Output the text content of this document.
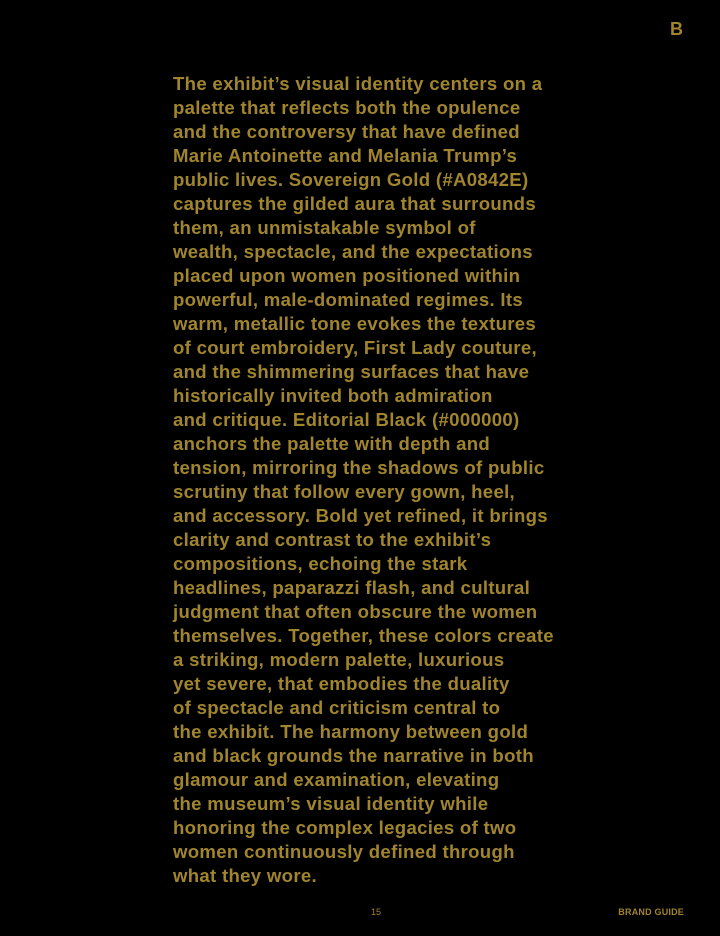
B

The exhibit’s visual identity centers on a
palette that reflects both the opulence
and the controversy that have defined
Marie Antoinette and Melania Trump’s
public lives. Sovereign Gold (#A0842E)
captures the gilded aura that surrounds
them, an unmistakable symbol of
wealth, spectacle, and the expectations
placed upon women positioned within
powerful, male-dominated regimes. Its
warm, metallic tone evokes the textures
of court embroidery, First Lady couture,
and the shimmering surfaces that have
historically invited both admiration
and critique. Editorial Black (#000000)
anchors the palette with depth and
tension, mirroring the shadows of public
scrutiny that follow every gown, heel,
and accessory. Bold yet refined, it brings
clarity and contrast to the exhibit’s
compositions, echoing the stark
headlines, paparazzi flash, and cultural
judgment that often obscure the women
themselves. Together, these colors create
a striking, modern palette, luxurious
yet severe, that embodies the duality
of spectacle and criticism central to
the exhibit. The harmony between gold
and black grounds the narrative in both
glamour and examination, elevating
the museum’s visual identity while
honoring the complex legacies of two
women continuously defined through
what they wore.

15	BRAND GUIDE
